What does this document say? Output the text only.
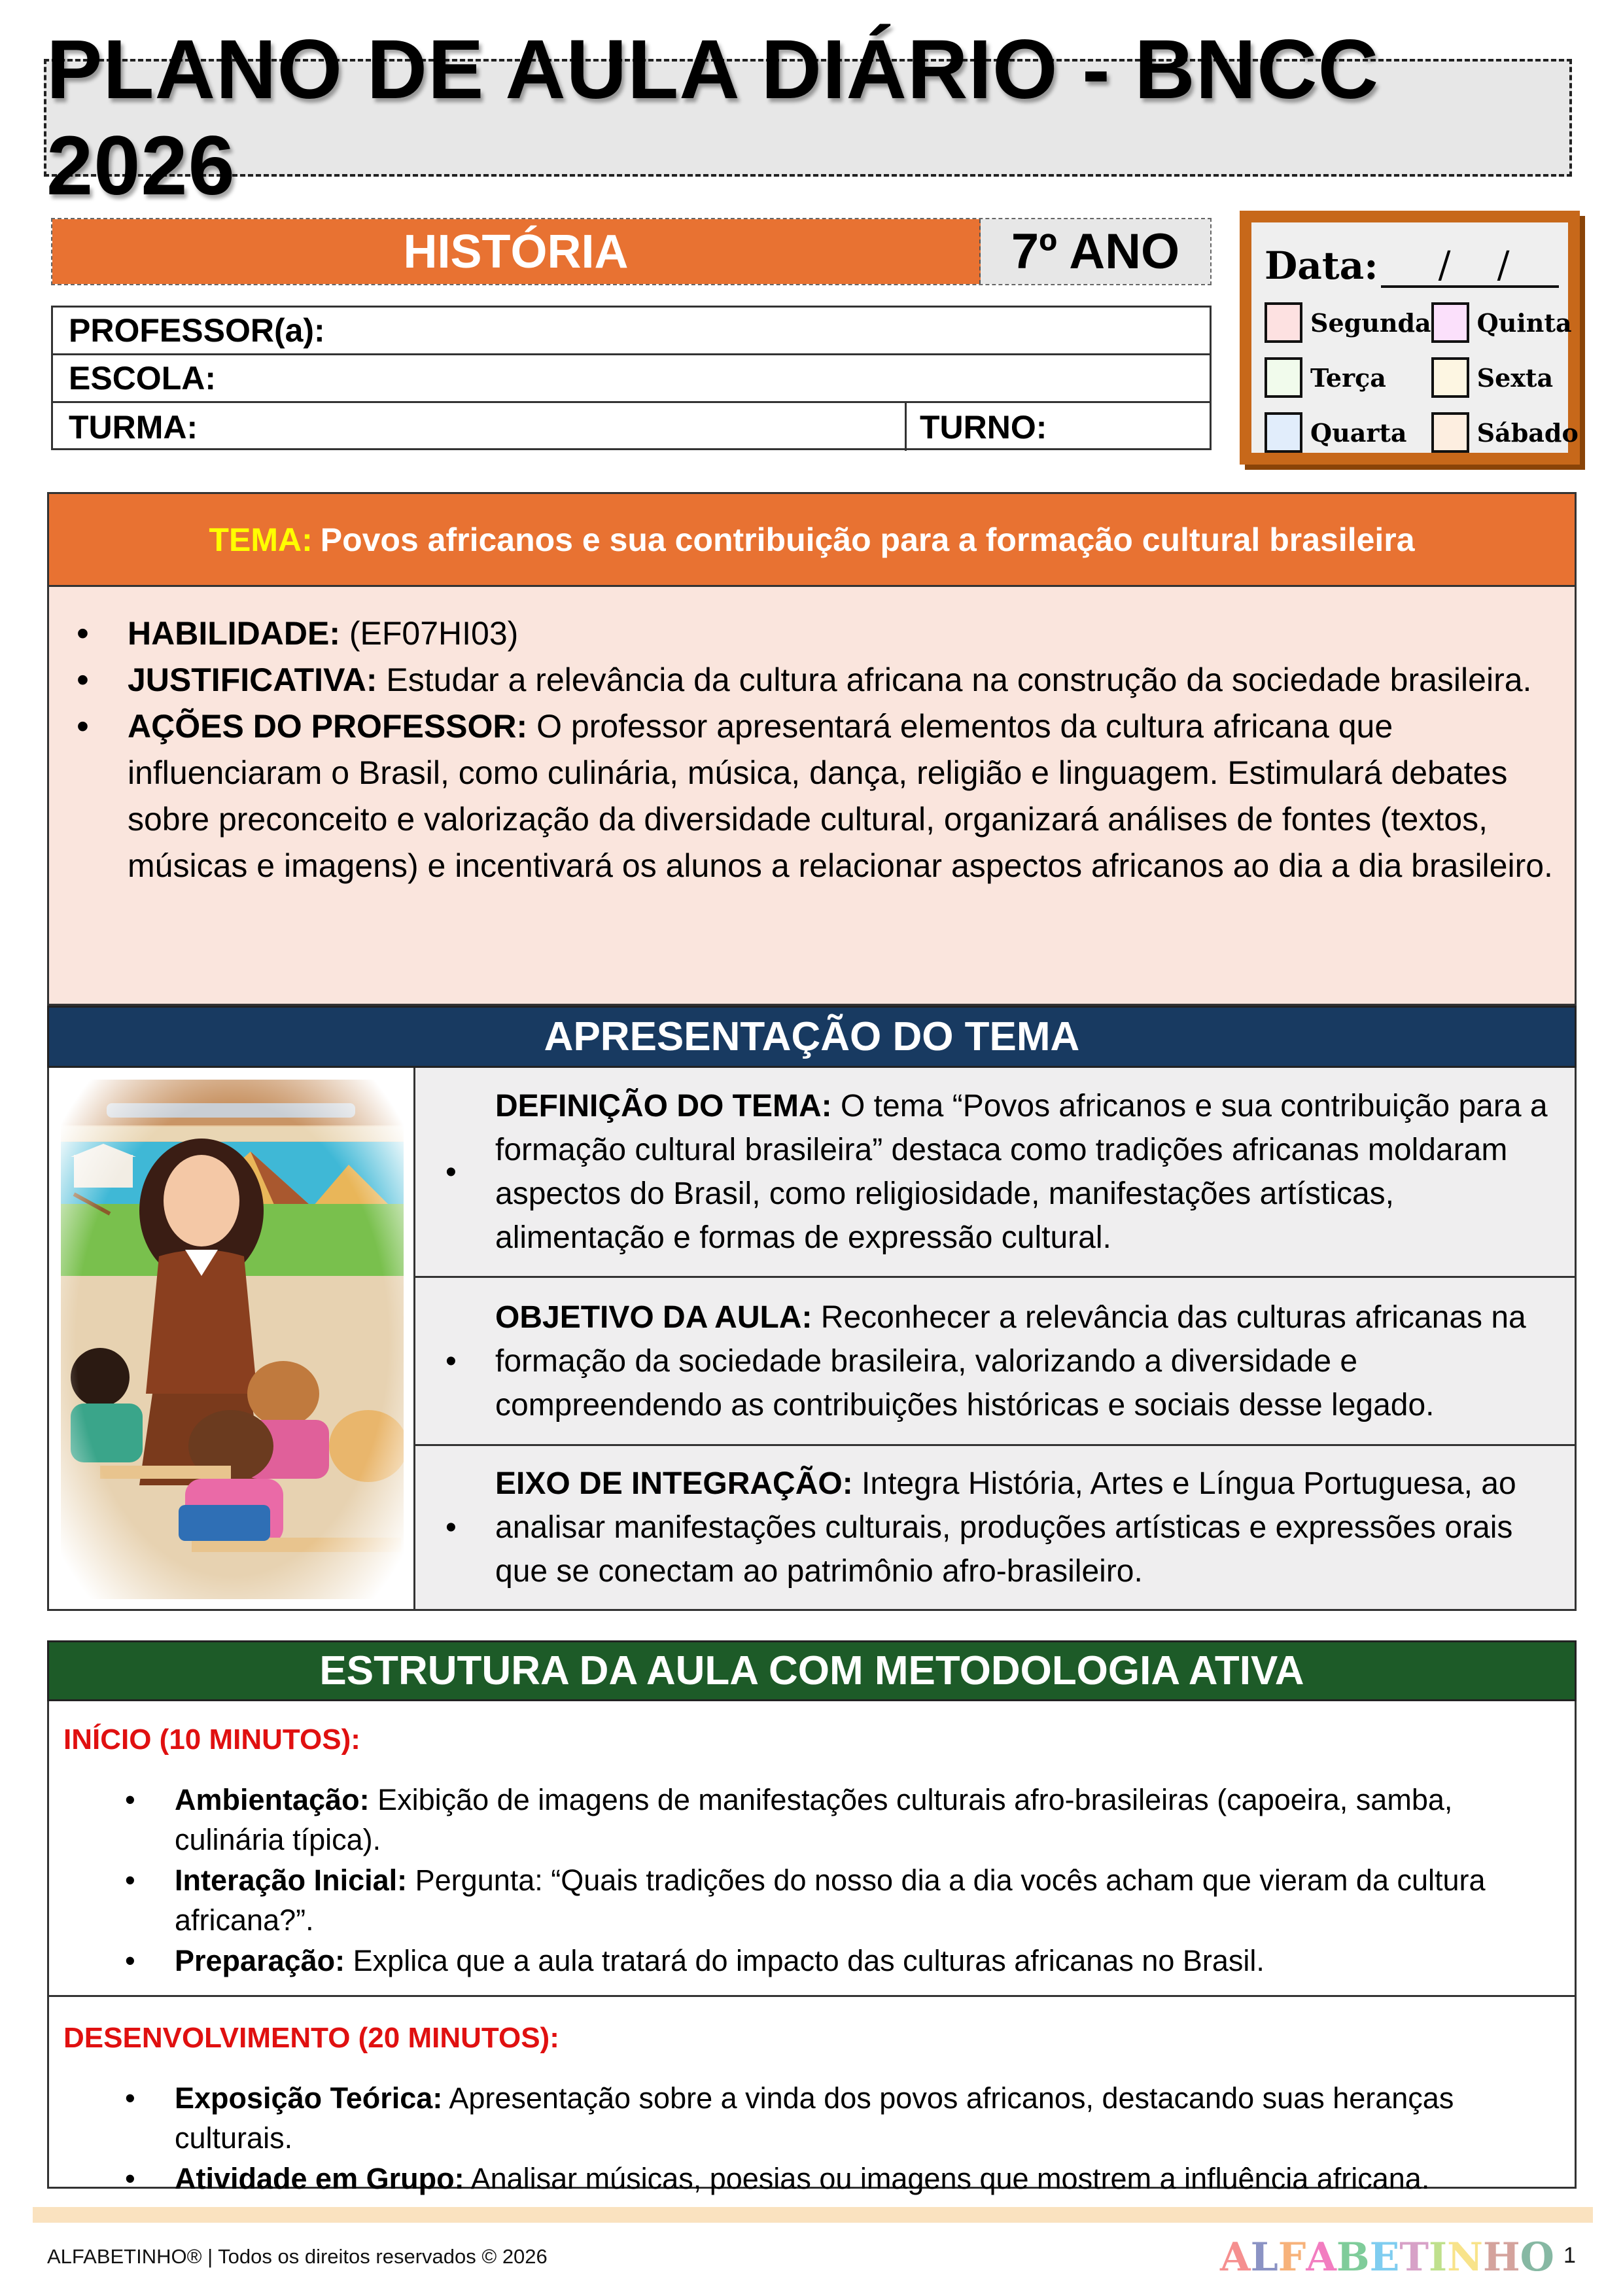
PLANO DE AULA DIÁRIO - BNCC 2026
HISTÓRIA	7º ANO
PROFESSOR(a):
ESCOLA:
TURMA:	TURNO:
Data: / /
Segunda Quinta
Terça	Sexta
Quarta	Sábado
TEMA: Povos africanos e sua contribuição para a formação cultural brasileira
• HABILIDADE: (EF07HI03)
• JUSTIFICATIVA: Estudar a relevância da cultura africana na construção da sociedade brasileira.
• AÇÕES DO PROFESSOR: O professor apresentará elementos da cultura africana que influenciaram o Brasil, como culinária, música, dança, religião e linguagem. Estimulará debates sobre preconceito e valorização da diversidade cultural, organizará análises de fontes (textos, músicas e imagens) e incentivará os alunos a relacionar aspectos africanos ao dia a dia brasileiro.
APRESENTAÇÃO DO TEMA
•
DEFINIÇÃO DO TEMA: O tema “Povos africanos e sua contribuição para a formação cultural brasileira” destaca como tradições africanas moldaram aspectos do Brasil, como religiosidade, manifestações artísticas, alimentação e formas de expressão cultural.
•
OBJETIVO DA AULA: Reconhecer a relevância das culturas africanas na formação da sociedade brasileira, valorizando a diversidade e compreendendo as contribuições históricas e sociais desse legado.
•
EIXO DE INTEGRAÇÃO: Integra História, Artes e Língua Portuguesa, ao analisar manifestações culturais, produções artísticas e expressões orais que se conectam ao patrimônio afro-brasileiro.
ESTRUTURA DA AULA COM METODOLOGIA ATIVA
INÍCIO (10 MINUTOS):
• Ambientação: Exibição de imagens de manifestações culturais afro-brasileiras (capoeira, samba, culinária típica).
• Interação Inicial: Pergunta: “Quais tradições do nosso dia a dia vocês acham que vieram da cultura africana?”.
• Preparação: Explica que a aula tratará do impacto das culturas africanas no Brasil.
DESENVOLVIMENTO (20 MINUTOS):
• Exposição Teórica: Apresentação sobre a vinda dos povos africanos, destacando suas heranças culturais.
• Atividade em Grupo: Analisar músicas, poesias ou imagens que mostrem a influência africana.
ALFABETINHO® | Todos os direitos reservados © 2026	ALFABETINHO 1
